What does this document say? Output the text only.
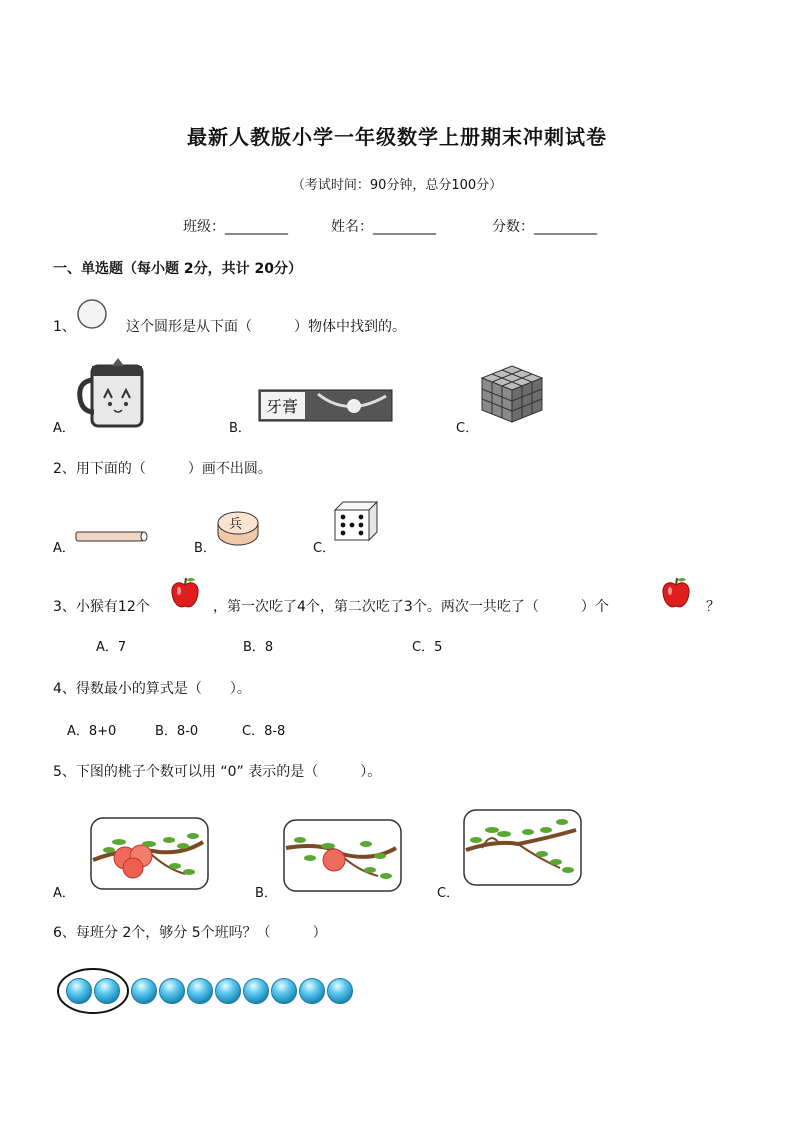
最新人教版小学一年级数学上册期末冲刺试卷
（考试时间：90分钟，总分100分）
班级：_________	姓名：_________	分数：_________
一、单选题（每小题 2分，共计 20分）
1、	这个圆形是从下面（　　　）物体中找到的。
A．	B．
牙膏
C．
2、用下面的（　　　）画不出圆。
A．	B．
兵
C．
3、小猴有12个	，第一次吃了4个，第二次吃了3个。两次一共吃了（　　　）个	？
A．7	B．8	C．5
4、得数最小的算式是（　　）。
A．8+0	B．8-0	C．8-8
5、下图的桃子个数可以用 “0” 表示的是（　　　）。
A．	B．	C．
6、每班分 2个，够分 5个班吗？（　　　）
